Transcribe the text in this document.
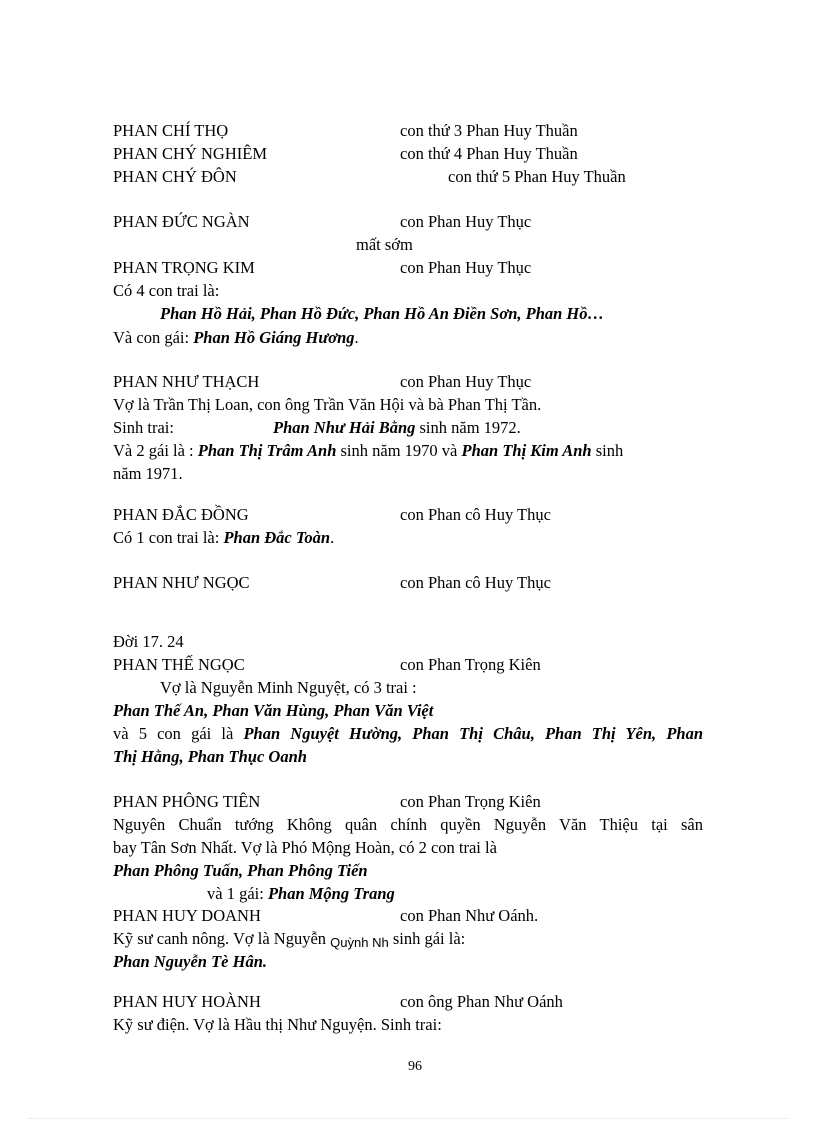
PHAN CHÍ THỌ	con thứ 3 Phan Huy Thuần
PHAN CHÝ NGHIÊM	con thứ 4 Phan Huy Thuần
PHAN CHÝ ĐÔN	con thứ 5 Phan Huy Thuần
PHAN ĐỨC NGÀN	con Phan Huy Thục
mất sớm
PHAN TRỌNG KIM	con Phan Huy Thục
Có 4 con trai là:
Phan Hồ Hải, Phan Hồ Đức, Phan Hồ An Điền Sơn, Phan Hồ…
Và con gái: Phan Hồ Giáng Hương.
PHAN NHƯ THẠCH	con Phan Huy Thục
Vợ là Trần Thị Loan, con ông Trần Văn Hội và bà Phan Thị Tần.
Sinh trai:	Phan Như Hải Bằng sinh năm 1972.
Và 2 gái là : Phan Thị Trâm Anh sinh năm 1970 và Phan Thị Kim Anh sinh
năm 1971.
PHAN ĐẮC ĐỒNG	con Phan cô Huy Thục
Có 1 con trai là: Phan Đắc Toàn.
PHAN NHƯ NGỌC	con Phan cô Huy Thục
Đời 17. 24
PHAN THẾ NGỌC	con Phan Trọng Kiên
Vợ là Nguyễn Minh Nguyệt, có 3 trai :
Phan Thế An, Phan Văn Hùng, Phan Văn Việt
và 5 con gái là Phan Nguyệt Hường, Phan Thị Châu, Phan Thị Yên, Phan
Thị Hằng, Phan Thục Oanh
PHAN PHÔNG TIÊN	con Phan Trọng Kiên
Nguyên Chuẩn tướng Không quân chính quyền Nguyễn Văn Thiệu tại sân
bay Tân Sơn Nhất. Vợ là Phó Mộng Hoàn, có 2 con trai là
Phan Phông Tuấn, Phan Phông Tiến
và 1 gái: Phan Mộng Trang
PHAN HUY DOANH	con Phan Như Oánh.
Kỹ sư canh nông. Vợ là Nguyễn Quỳnh Nh sinh gái là:
Phan Nguyễn Tè Hân.
PHAN HUY HOÀNH	con ông Phan Như Oánh
Kỹ sư điện. Vợ là Hầu thị Như Nguyện. Sinh trai:
96
